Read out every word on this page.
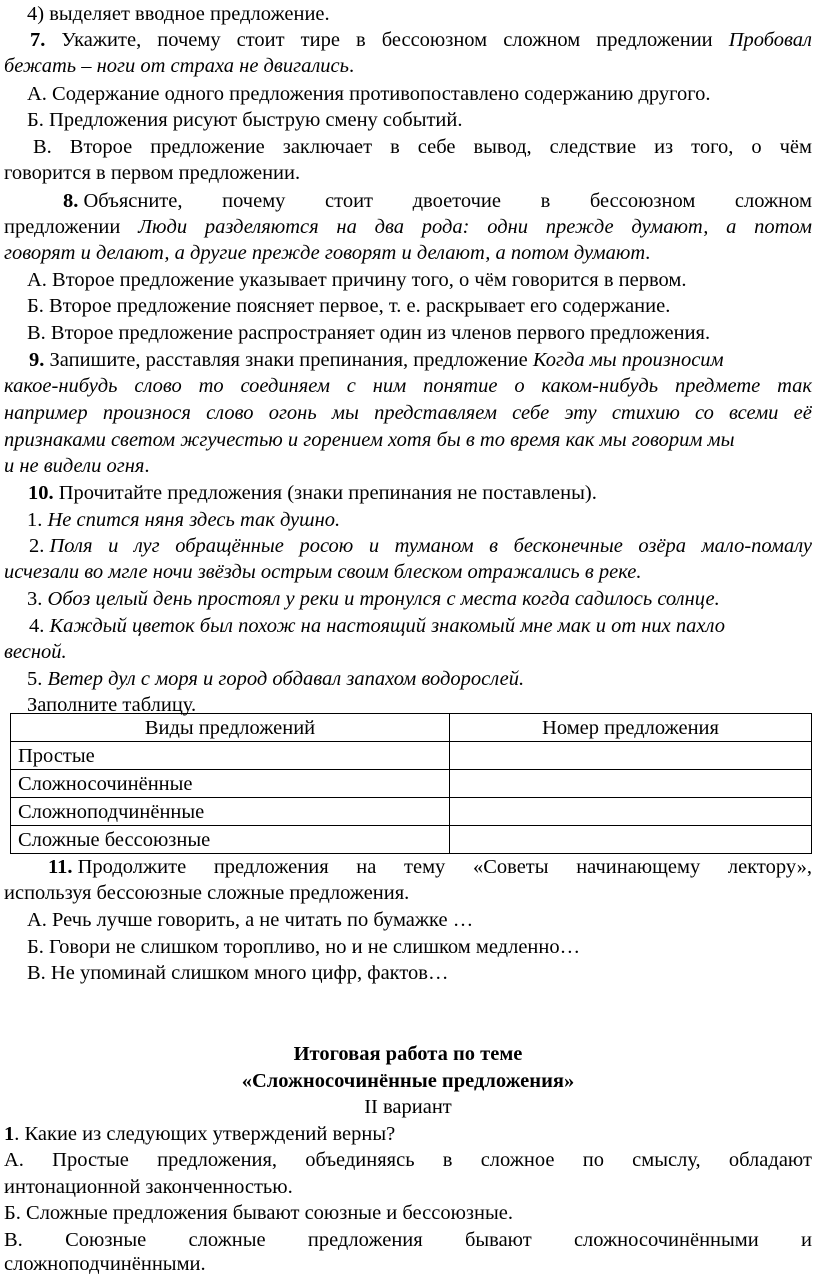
4) выделяет вводное предложение.
7. Укажите, почему стоит тире в бессоюзном сложном предложении Пробовал
бежать – ноги от страха не двигались.
А. Содержание одного предложения противопоставлено содержанию другого.
Б. Предложения рисуют быструю смену событий.
В. Второе предложение заключает в себе вывод, следствие из того, о чём
говорится в первом предложении.
8. Объясните, почему стоит двоеточие в бессоюзном сложном
предложении Люди разделяются на два рода: одни прежде думают, а потом
говорят и делают, а другие прежде говорят и делают, а потом думают.
А. Второе предложение указывает причину того, о чём говорится в первом.
Б. Второе предложение поясняет первое, т. е. раскрывает его содержание.
В. Второе предложение распространяет один из членов первого предложения.
9. Запишите, расставляя знаки препинания, предложение Когда мы произносим
какое-нибудь слово то соединяем с ним понятие о каком-нибудь предмете так
например произнося слово огонь мы представляем себе эту стихию со всеми её
признаками светом жгучестью и горением хотя бы в то время как мы говорим мы
и не видели огня.
10. Прочитайте предложения (знаки препинания не поставлены).
1. Не спится няня здесь так душно.
2. Поля и луг обращённые росою и туманом в бесконечные озёра мало-помалу
исчезали во мгле ночи звёзды острым своим блеском отражались в реке.
3. Обоз целый день простоял у реки и тронулся с места когда садилось солнце.
4. Каждый цветок был похож на настоящий знакомый мне мак и от них пахло
весной.
5. Ветер дул с моря и город обдавал запахом водорослей.
Заполните таблицу.
Виды предложений	Номер предложения
Простые	
Сложносочинённые	
Сложноподчинённые	
Сложные бессоюзные	
11. Продолжите предложения на тему «Советы начинающему лектору»,
используя бессоюзные сложные предложения.
А. Речь лучше говорить, а не читать по бумажке …
Б. Говори не слишком торопливо, но и не слишком медленно…
В. Не упоминай слишком много цифр, фактов…
Итоговая работа по теме
«Сложносочинённые предложения»
II вариант
1. Какие из следующих утверждений верны?
А. Простые предложения, объединяясь в сложное по смыслу, обладают
интонационной законченностью.
Б. Сложные предложения бывают союзные и бессоюзные.
В. Союзные сложные предложения бывают сложносочинёнными и
сложноподчинёнными.
